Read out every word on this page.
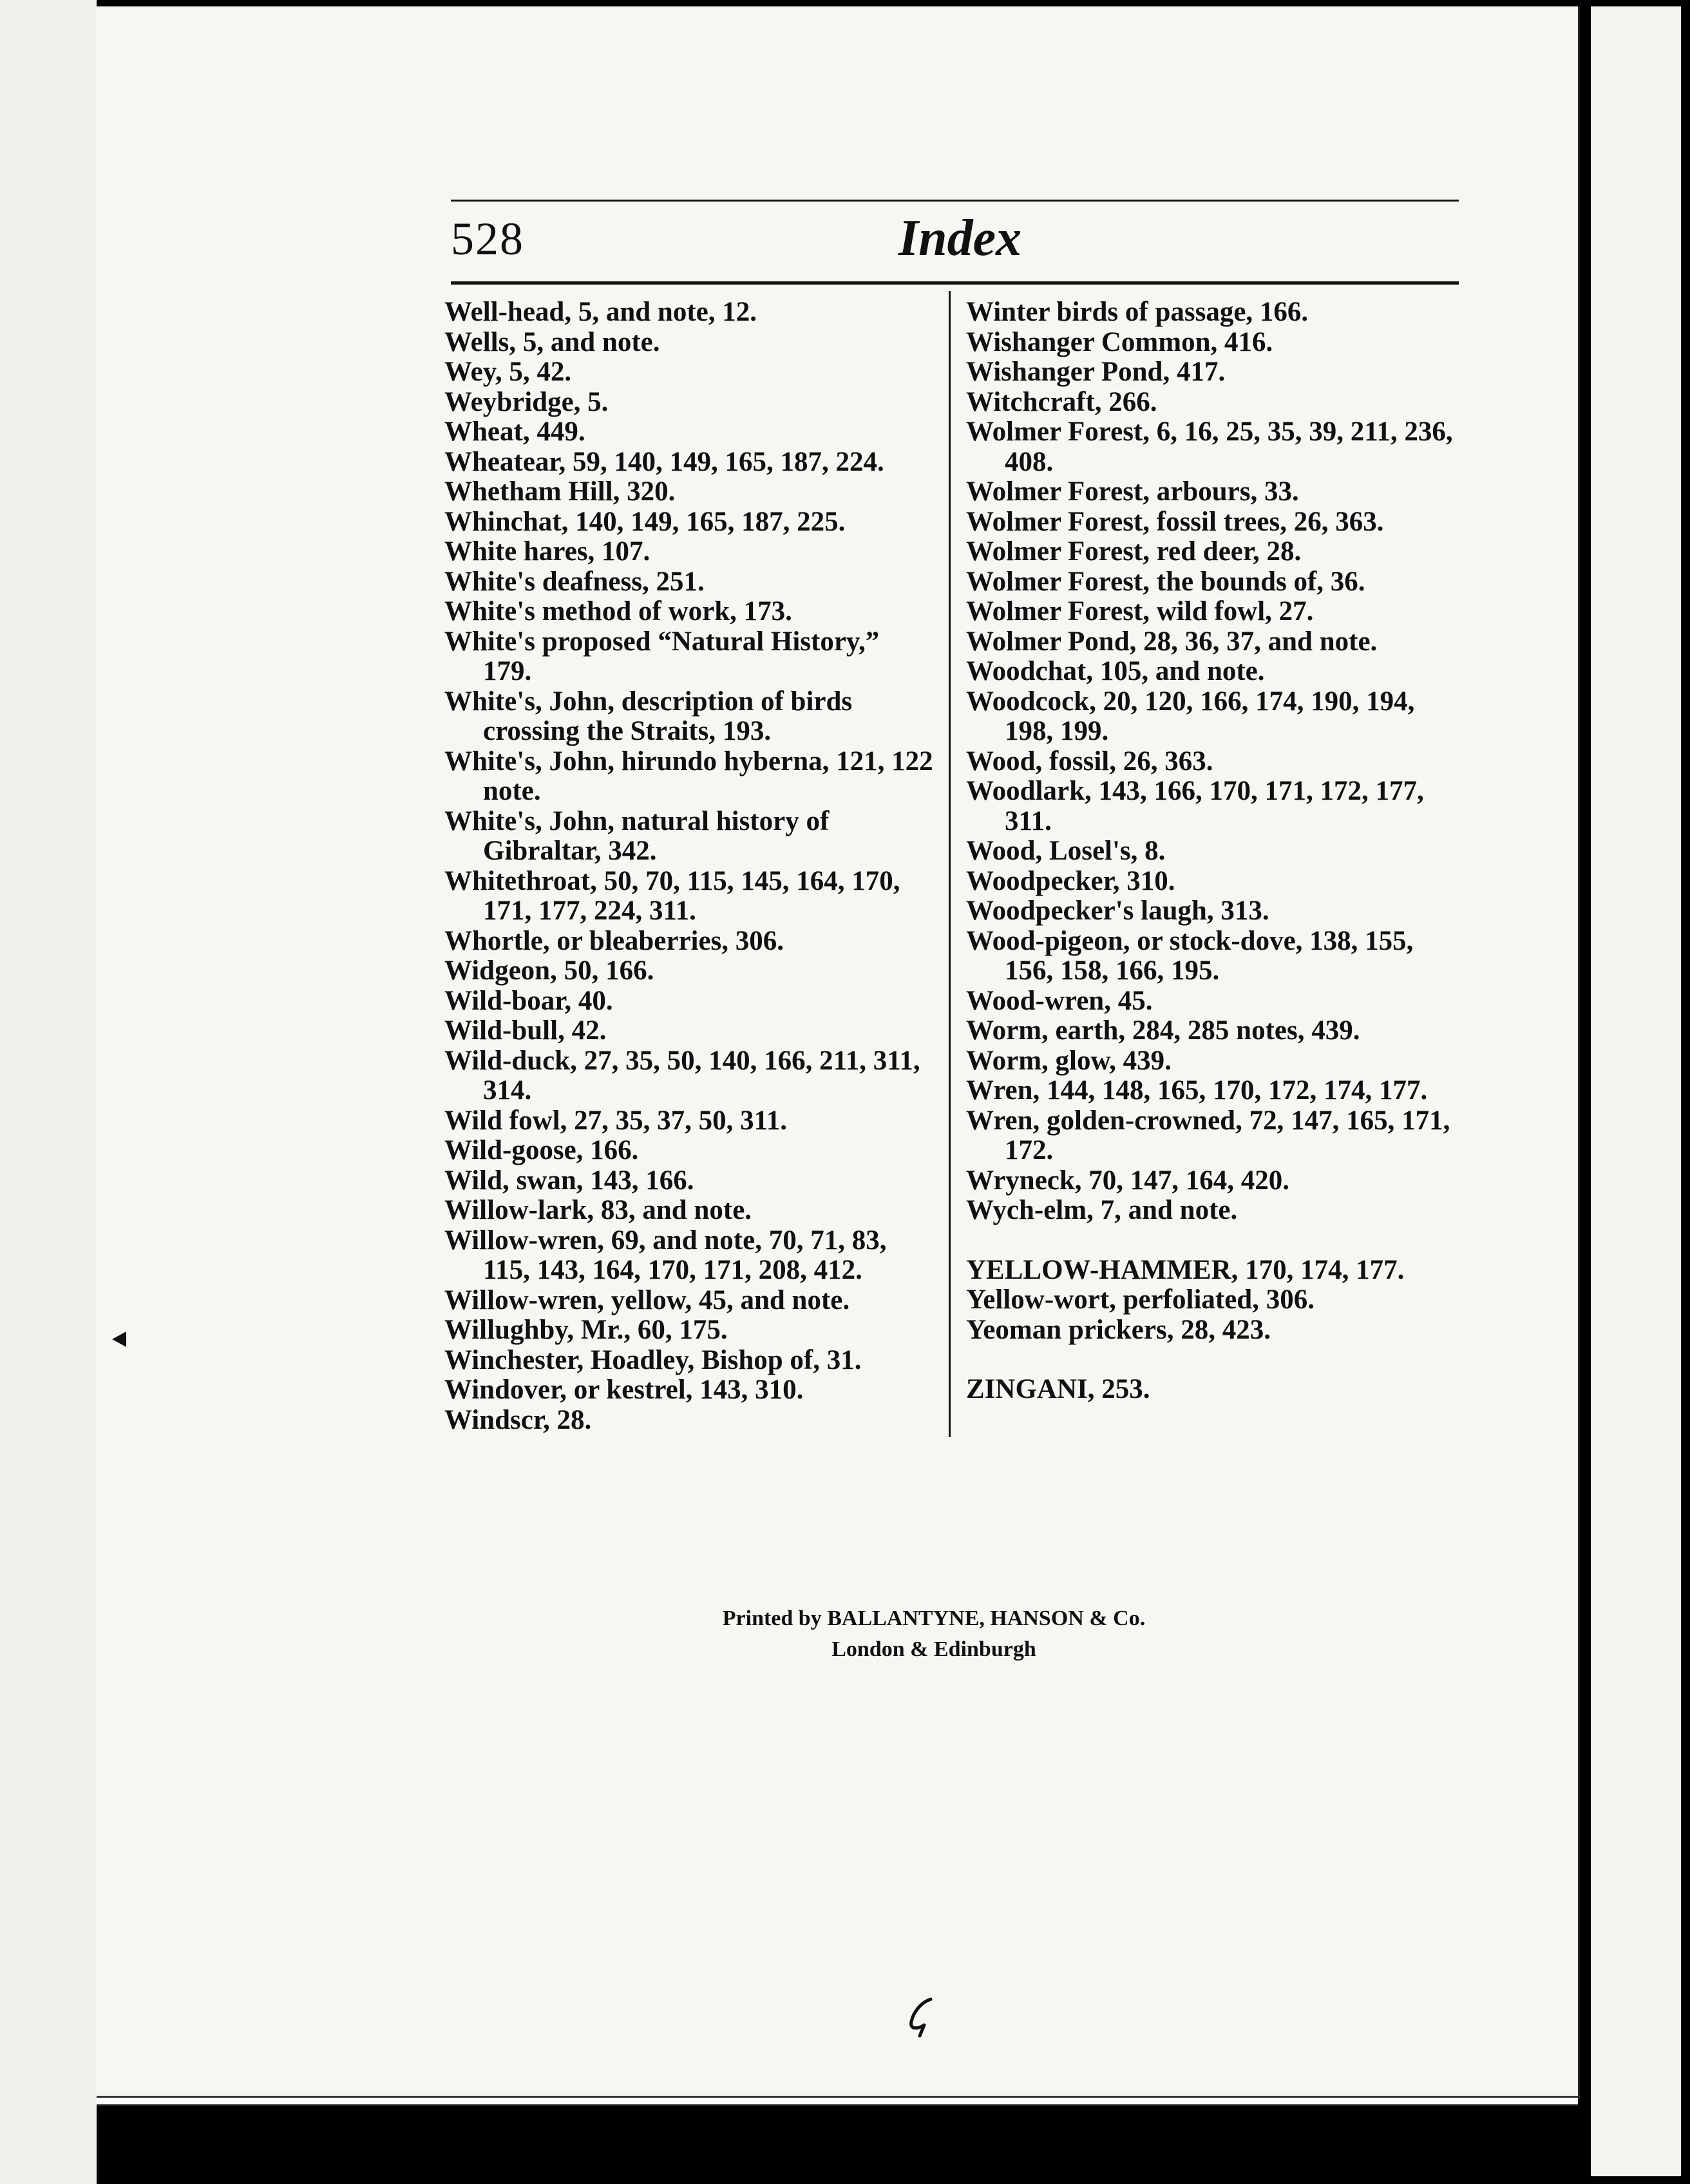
528	Index
Well-head, 5, and note, 12.
Wells, 5, and note.
Wey, 5, 42.
Weybridge, 5.
Wheat, 449.
Wheatear, 59, 140, 149, 165, 187, 224.
Whetham Hill, 320.
Whinchat, 140, 149, 165, 187, 225.
White hares, 107.
White's deafness, 251.
White's method of work, 173.
White's proposed “Natural History,” 179.
White's, John, description of birds crossing the Straits, 193.
White's, John, hirundo hyberna, 121, 122 note.
White's, John, natural history of Gibraltar, 342.
Whitethroat, 50, 70, 115, 145, 164, 170, 171, 177, 224, 311.
Whortle, or bleaberries, 306.
Widgeon, 50, 166.
Wild-boar, 40.
Wild-bull, 42.
Wild-duck, 27, 35, 50, 140, 166, 211, 311, 314.
Wild fowl, 27, 35, 37, 50, 311.
Wild-goose, 166.
Wild, swan, 143, 166.
Willow-lark, 83, and note.
Willow-wren, 69, and note, 70, 71, 83, 115, 143, 164, 170, 171, 208, 412.
Willow-wren, yellow, 45, and note.
Willughby, Mr., 60, 175.
Winchester, Hoadley, Bishop of, 31.
Windover, or kestrel, 143, 310.
Windscr, 28.
Winter birds of passage, 166.
Wishanger Common, 416.
Wishanger Pond, 417.
Witchcraft, 266.
Wolmer Forest, 6, 16, 25, 35, 39, 211, 236, 408.
Wolmer Forest, arbours, 33.
Wolmer Forest, fossil trees, 26, 363.
Wolmer Forest, red deer, 28.
Wolmer Forest, the bounds of, 36.
Wolmer Forest, wild fowl, 27.
Wolmer Pond, 28, 36, 37, and note.
Woodchat, 105, and note.
Woodcock, 20, 120, 166, 174, 190, 194, 198, 199.
Wood, fossil, 26, 363.
Woodlark, 143, 166, 170, 171, 172, 177, 311.
Wood, Losel's, 8.
Woodpecker, 310.
Woodpecker's laugh, 313.
Wood-pigeon, or stock-dove, 138, 155, 156, 158, 166, 195.
Wood-wren, 45.
Worm, earth, 284, 285 notes, 439.
Worm, glow, 439.
Wren, 144, 148, 165, 170, 172, 174, 177.
Wren, golden-crowned, 72, 147, 165, 171, 172.
Wryneck, 70, 147, 164, 420.
Wych-elm, 7, and note.
YELLOW-HAMMER, 170, 174, 177.
Yellow-wort, perfoliated, 306.
Yeoman prickers, 28, 423.
ZINGANI, 253.
Printed by BALLANTYNE, HANSON & Co.
London & Edinburgh
